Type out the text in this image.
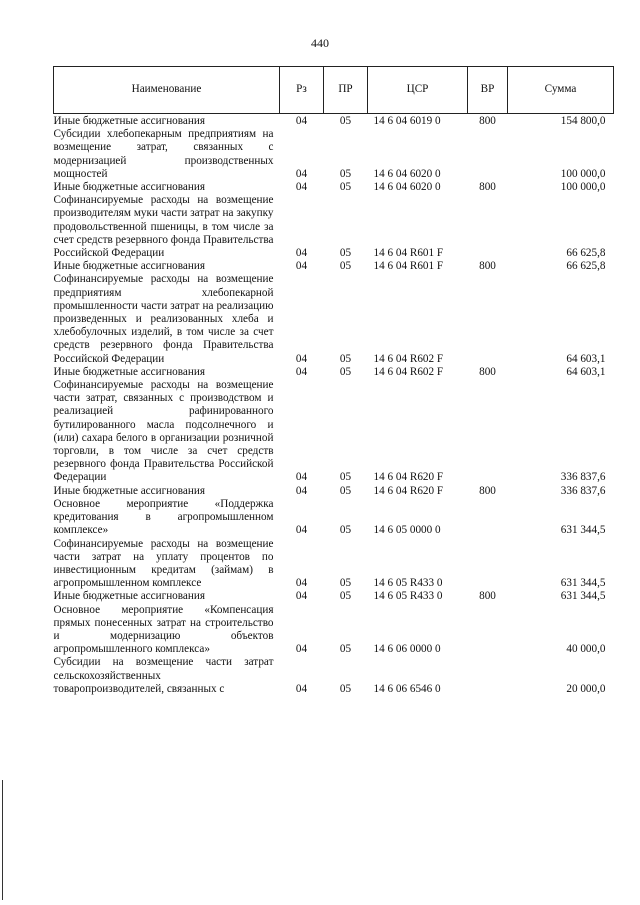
440
Наименование	Рз	ПР	ЦСР	ВР	Сумма
Иные бюджетные ассигнования	04	05	14 6 04 6019 0	800	154 800,0
Субсидии хлебопекарным предприятиям на возмещение затрат, связанных с модернизацией производственных мощностей	04	05	14 6 04 6020 0		100 000,0
Иные бюджетные ассигнования	04	05	14 6 04 6020 0	800	100 000,0
Софинансируемые расходы на возмещение производителям муки части затрат на закупку продовольственной пшеницы, в том числе за счет средств резервного фонда Правительства Российской Федерации	04	05	14 6 04 R601 F		66 625,8
Иные бюджетные ассигнования	04	05	14 6 04 R601 F	800	66 625,8
Софинансируемые расходы на возмещение предприятиям хлебопекарной промышленности части затрат на реализацию произведенных и реализованных хлеба и хлебобулочных изделий, в том числе за счет средств резервного фонда Правительства Российской Федерации	04	05	14 6 04 R602 F		64 603,1
Иные бюджетные ассигнования	04	05	14 6 04 R602 F	800	64 603,1
Софинансируемые расходы на возмещение части затрат, связанных с производством и реализацией рафинированного бутилированного масла подсолнечного и (или) сахара белого в организации розничной торговли, в том числе за счет средств резервного фонда Правительства Российской Федерации	04	05	14 6 04 R620 F		336 837,6
Иные бюджетные ассигнования	04	05	14 6 04 R620 F	800	336 837,6
Основное мероприятие «Поддержка кредитования в агропромышленном комплексе»	04	05	14 6 05 0000 0		631 344,5
Софинансируемые расходы на возмещение части затрат на уплату процентов по инвестиционным кредитам (займам) в агропромышленном комплексе	04	05	14 6 05 R433 0		631 344,5
Иные бюджетные ассигнования	04	05	14 6 05 R433 0	800	631 344,5
Основное мероприятие «Компенсация прямых понесенных затрат на строительство и модернизацию объектов агропромышленного комплекса»	04	05	14 6 06 0000 0		40 000,0
Субсидии на возмещение части затрат сельскохозяйственных товаропроизводителей, связанных с	04	05	14 6 06 6546 0		20 000,0
